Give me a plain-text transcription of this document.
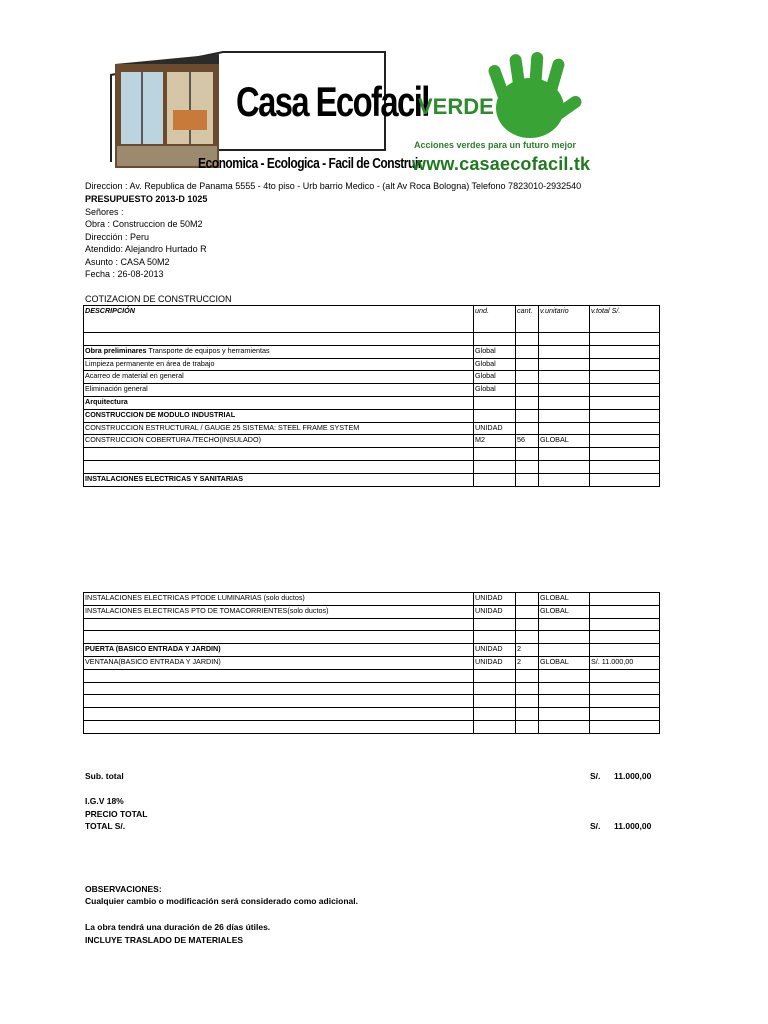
Casa Ecofacil
Economica - Ecologica - Facil de Construir
VERDE
Acciones verdes para un futuro mejor
www.casaecofacil.tk
Direccion : Av. Republica de Panama 5555 - 4to piso - Urb barrio Medico - (alt Av Roca Bologna) Telefono 7823010-2932540
PRESUPUESTO 2013-D 1025
Señores :
Obra : Construccion de 50M2
Dirección : Peru
Atendido: Alejandro Hurtado R
Asunto : CASA 50M2
Fecha : 26-08-2013
COTIZACION DE CONSTRUCCION
DESCRIPCIÓN	und.	cant.	v.unitario	v.total S/.

Obra preliminares Transporte de equipos y herramientas	Global			
Limpieza permanente en área de trabajo	Global			
Acarreo de material en general	Global			
Eliminación general	Global			
Arquitectura				
CONSTRUCCION DE MODULO INDUSTRIAL				
CONSTRUCCION ESTRUCTURAL / GAUGE 25 SISTEMA: STEEL FRAME SYSTEM	UNIDAD			
CONSTRUCCION COBERTURA /TECHO(INSULADO)	M2	56	GLOBAL	

INSTALACIONES ELECTRICAS Y SANITARIAS				
INSTALACIONES ELECTRICAS PTODE LUMINARIAS (solo ductos)	UNIDAD		GLOBAL	
INSTALACIONES ELECTRICAS PTO DE TOMACORRIENTES(solo ductos)	UNIDAD		GLOBAL	

PUERTA (BASICO ENTRADA Y JARDIN)	UNIDAD	2		
VENTANA(BASICO ENTRADA Y JARDIN)	UNIDAD	2	GLOBAL	S/. 11.000,00

Sub. total	S/. 11.000,00
I.G.V 18%
PRECIO TOTAL
TOTAL S/.	S/. 11.000,00
OBSERVACIONES:
Cualquier cambio o modificación será considerado como adicional.
La obra tendrá una duración de 26 días útiles.
INCLUYE TRASLADO DE MATERIALES
